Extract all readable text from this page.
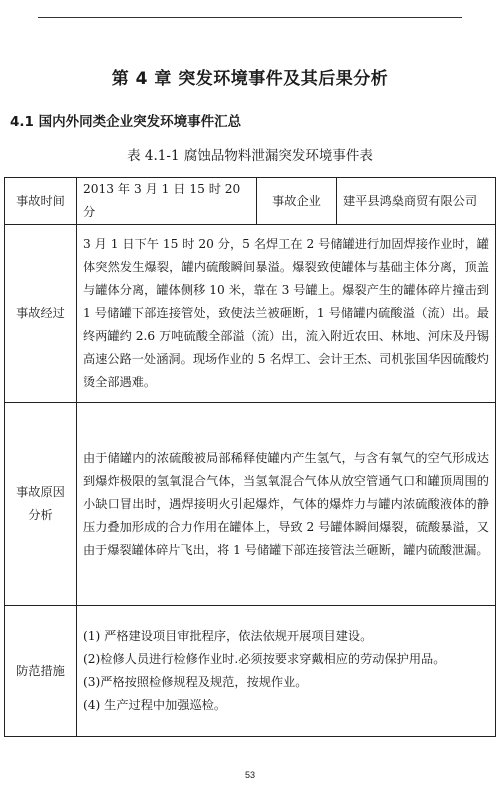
第 4 章 突发环境事件及其后果分析
4.1 国内外同类企业突发环境事件汇总
表 4.1-1 腐蚀品物料泄漏突发环境事件表
事故时间	2013 年 3 月 1 日 15 时 20 分	事故企业	建平县鸿燊商贸有限公司
事故经过	3 月 1 日下午 15 时 20 分，5 名焊工在 2 号储罐进行加固焊接作业时，罐体突然发生爆裂，罐内硫酸瞬间暴溢。爆裂致使罐体与基础主体分离，顶盖与罐体分离，罐体侧移 10 米，靠在 3 号罐上。爆裂产生的罐体碎片撞击到 1 号储罐下部连接管处，致使法兰被砸断，1 号储罐内硫酸溢（流）出。最终两罐约 2.6 万吨硫酸全部溢（流）出，流入附近农田、林地、河床及丹锡高速公路一处涵洞。现场作业的 5 名焊工、会计王杰、司机张国华因硫酸灼烫全部遇难。		
事故原因分析	由于储罐内的浓硫酸被局部稀释使罐内产生氢气，与含有氧气的空气形成达到爆炸极限的氢氧混合气体，当氢氧混合气体从放空管通气口和罐顶周围的小缺口冒出时，遇焊接明火引起爆炸，气体的爆炸力与罐内浓硫酸液体的静压力叠加形成的合力作用在罐体上，导致 2 号罐体瞬间爆裂，硫酸暴溢，又由于爆裂罐体碎片飞出，将 1 号储罐下部连接管法兰砸断，罐内硫酸泄漏。		
防范措施	(1) 严格建设项目审批程序，依法依规开展项目建设。
(2)检修人员进行检修作业时.必须按要求穿戴相应的劳动保护用品。
(3)严格按照检修规程及规范，按规作业。
(4) 生产过程中加强巡检。		
53
